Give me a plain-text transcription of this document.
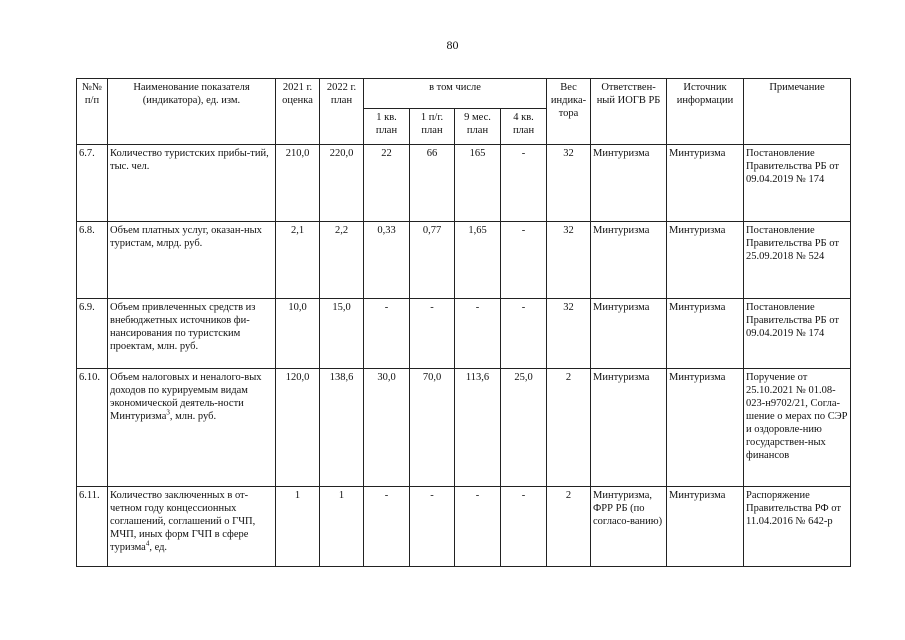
80
№№ п/п	Наименование показателя (индикатора), ед. изм.	2021 г. оценка	2022 г. план	в том числе				Вес индика-тора	Ответствен-ный ИОГВ РБ	Источник информации	Примечание
				1 кв. план	1 п/г. план	9 мес. план	4 кв. план				
6.7.	Количество туристских прибы-тий, тыс. чел.	210,0	220,0	22	66	165	-	32	Минтуризма	Минтуризма	Постановление Правительства РБ от 09.04.2019 № 174
6.8.	Объем платных услуг, оказан-ных туристам, млрд. руб.	2,1	2,2	0,33	0,77	1,65	-	32	Минтуризма	Минтуризма	Постановление Правительства РБ от 25.09.2018 № 524
6.9.	Объем привлеченных средств из внебюджетных источников фи-нансирования по туристским проектам, млн. руб.	10,0	15,0	-	-	-	-	32	Минтуризма	Минтуризма	Постановление Правительства РБ от 09.04.2019 № 174
6.10.	Объем налоговых и неналого-вых доходов по курируемым видам экономической деятель-ности Минтуризма$^3$, млн. руб.	120,0	138,6	30,0	70,0	113,6	25,0	2	Минтуризма	Минтуризма	Поручение от 25.10.2021 № 01.08-023-н9702/21, Согла-шение о мерах по СЭР и оздоровле-нию государствен-ных финансов
6.11.	Количество заключенных в от-четном году концессионных соглашений, соглашений о ГЧП, МЧП, иных форм ГЧП в сфере туризма$^4$, ед.	1	1	-	-	-	-	2	Минтуризма, ФРР РБ (по согласо-ванию)	Минтуризма	Распоряжение Правительства РФ от 11.04.2016 № 642-р
